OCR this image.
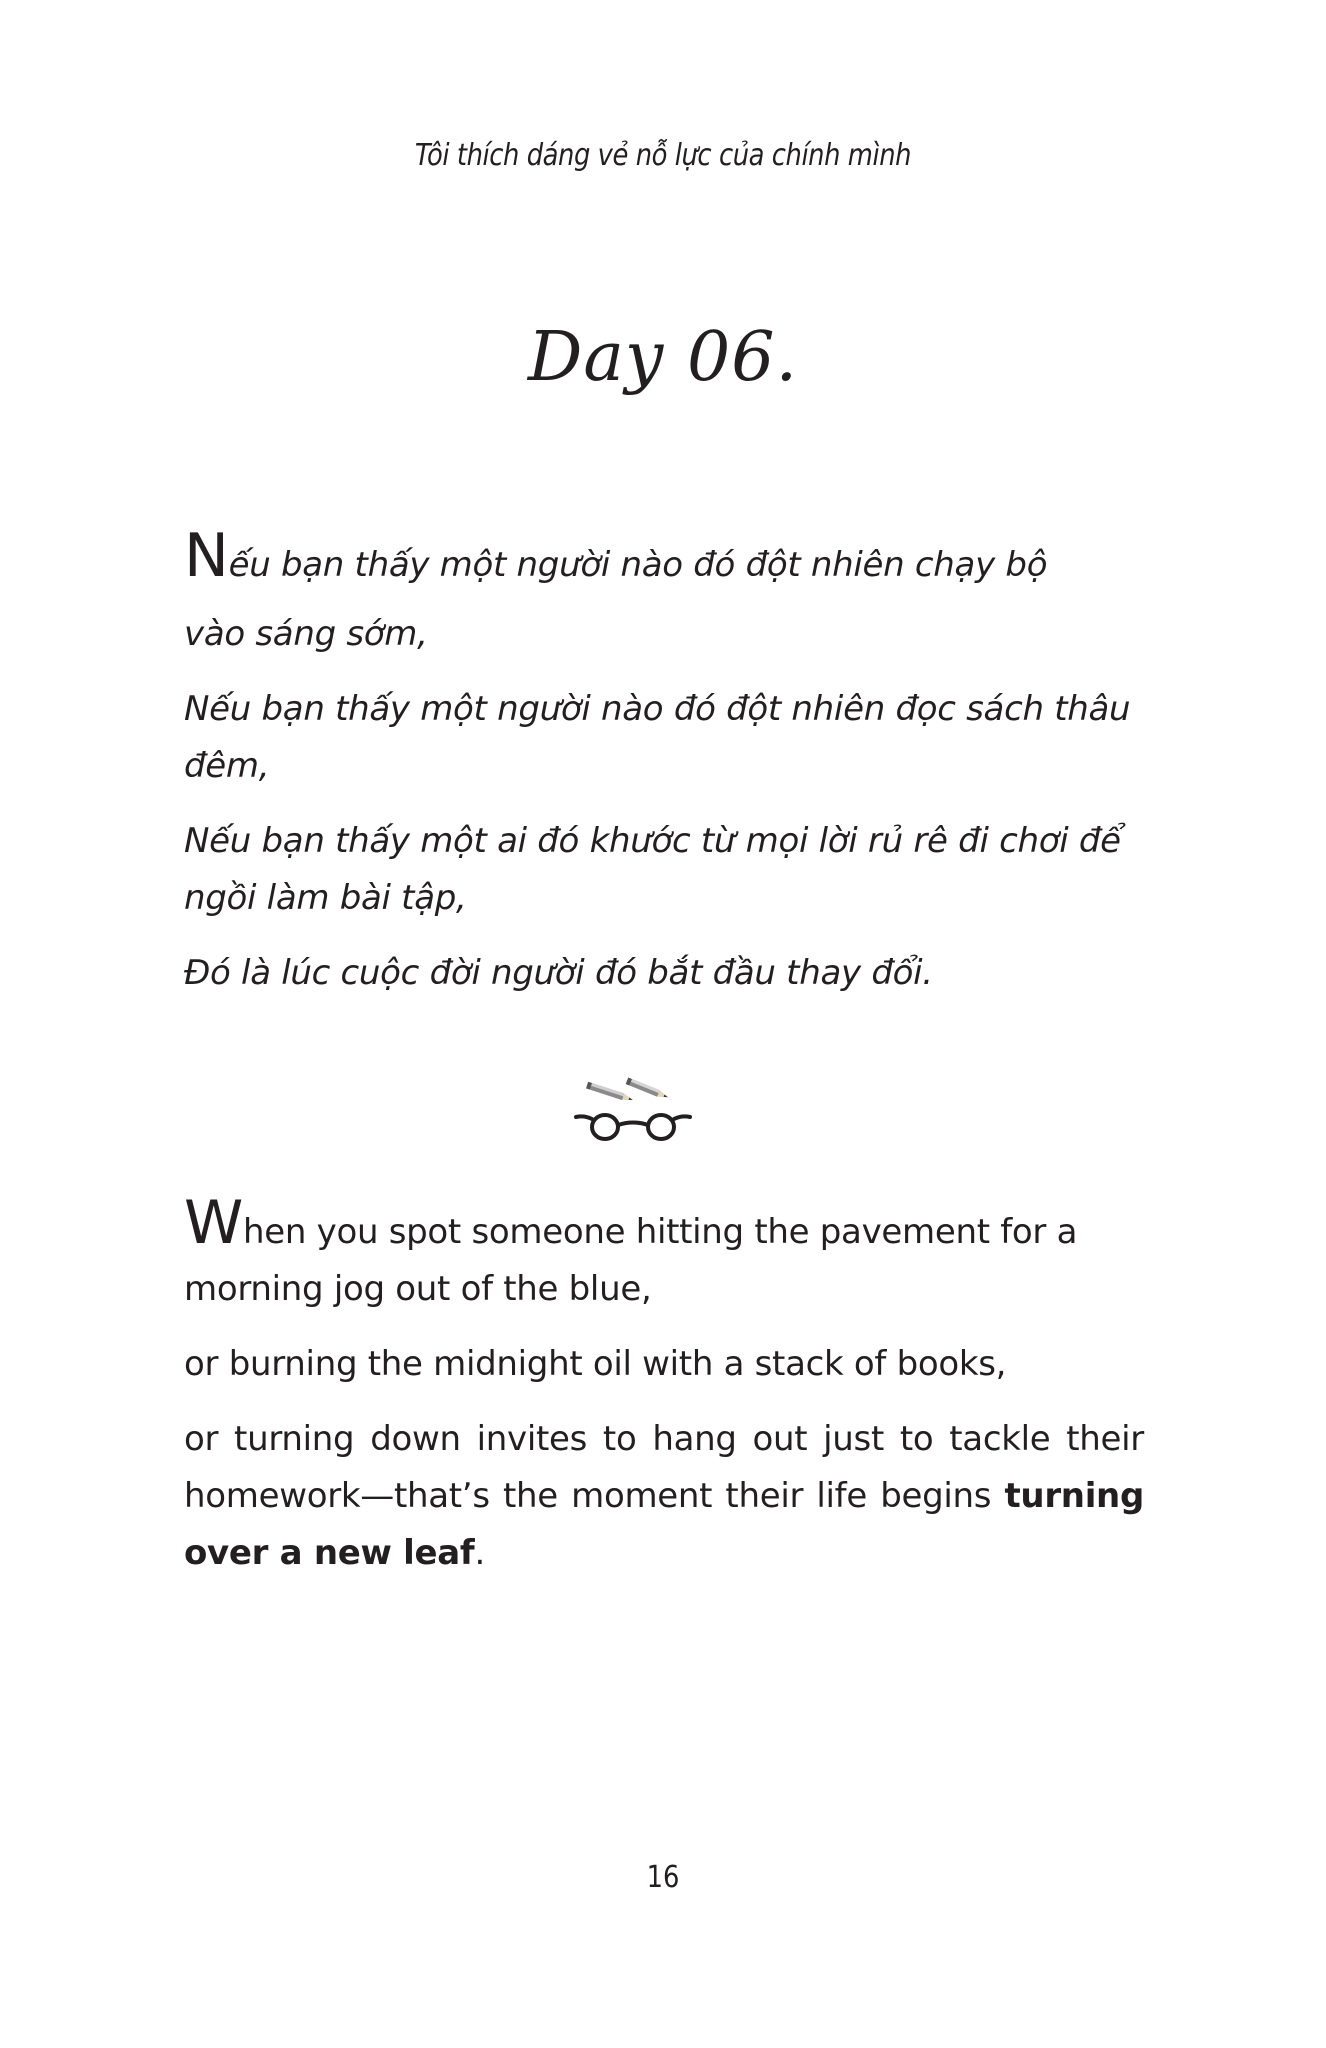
Tôi thích dáng vẻ nỗ lực của chính mình
Day 06.

Nếu bạn thấy một người nào đó đột nhiên chạy bộ

vào sáng sớm,

Nếu bạn thấy một người nào đó đột nhiên đọc sách thâu đêm,

Nếu bạn thấy một ai đó khước từ mọi lời rủ rê đi chơi để ngồi làm bài tập,

Đó là lúc cuộc đời người đó bắt đầu thay đổi.

When you spot someone hitting the pavement for a morning jog out of the blue,

or burning the midnight oil with a stack of books,

or turning down invites to hang out just to tackle their homework—that’s the moment their life begins turning over a new leaf.

16
